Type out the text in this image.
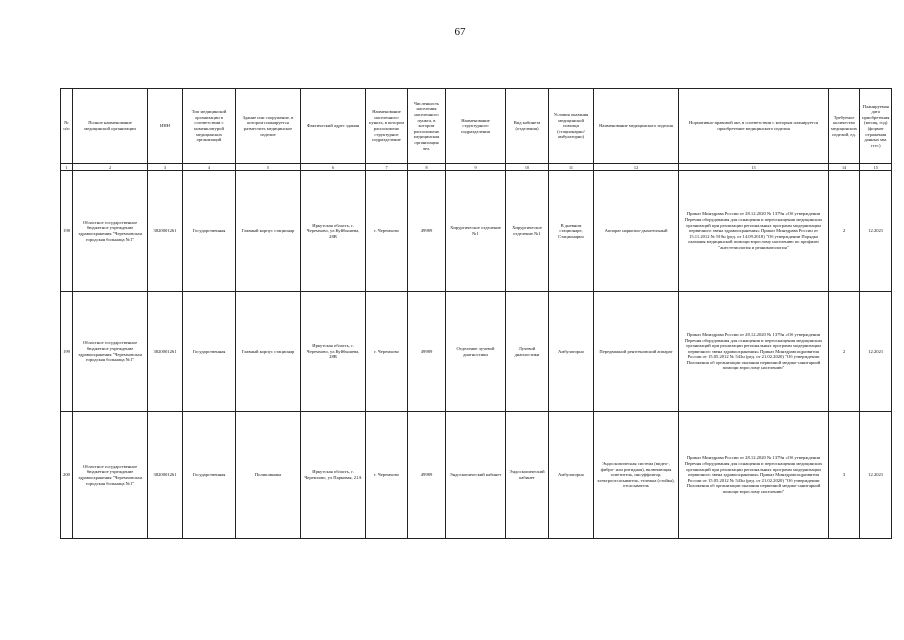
67
№ п/п	Полное наименование медицинской организации	ИНН	Тип медицинской организации в соответствии с номенклатурой медицинских организаций	Здание или сооружение, в котором планируется разместить медицинское изделие	Фактический адрес здания	Наименование населенного пункта, в котором расположено структурное подразделение	Численность населения населенного пункта, в котором расположено медицинская организация чел.	Наименование структурного подразделения	Вид кабинета (отделения)	Условия оказания медицинской помощи (стационарно/амбулаторно)	Наименование медицинского изделия	Нормативно-правовой акт, в соответствии с которым планируется приобретение медицинского изделия	Требуемое количество медицинских изделий, ед.	Планируемая дата приобретения (месяц, год) (формат отражения данных мм. гггг.)
1	2	3	4	5	6	7	8	9	10	11	12	13	14	15
198	Областное государственное бюджетное учреждение здравоохранения "Черемховская городская больница №1"	3820001261	Государственная	Главный корпус стационар	Иркутская область, г. Черемхово, ул.Куйбышева, 28В	г. Черемхово	49989	Хирургическое отделение №1	Хирургическое отделение №1	В дневном стационаре, Стационарно	Аппарат наркозно-дыхательный	Приказ Минздрава России от 28.12.2020 № 1379н «Об утверждении Перечня оборудования для оснащения и переоснащения медицинских организаций при реализации региональных программ модернизации первичного звена здравоохранения» Приказ Минздрава России от 15.11.2012 № 919н (ред. от 14.09.2018) "Об утверждении Порядка оказания медицинской помощи взрослому населению по профилю "анестезиология и реаниматология"	2	12.2021
199	Областное государственное бюджетное учреждение здравоохранения "Черемховская городская больница №1"	3820001261	Государственная	Главный корпус стационар	Иркутская область, г. Черемхово, ул.Куйбышева, 28В	г. Черемхово	49989	Отделение лучевой диагностики	Лучевой диагностики	Амбулаторно	Передвижной рентгеновский аппарат	Приказ Минздрава России от 28.12.2020 № 1379н «Об утверждении Перечня оборудования для оснащения и переоснащения медицинских организаций при реализации региональных программ модернизации первичного звена здравоохранения» Приказ Минздравсоцразвития России от 15.05.2012 № 543н (ред. от 21.02.2020) "Об утверждении Положения об организации оказания первичной медико-санитарной помощи взрослому населению"	2	12.2021
200	Областное государственное бюджетное учреждение здравоохранения "Черемховская городская больница №1"	3820001261	Государственная	Поликлиника	Иркутская область, г. Черемхово, ул Парковая, 21А	г. Черемхово	49989	Эндоскопический кабинет	Эндоскопический кабинет	Амбулаторно	Эндоскопическая система (видео-, фибро- или ригидная), включающая осветитель, инсуффлятор, электроотсасыватель, тележка (стойка), отсасыватель	Приказ Минздрава России от 28.12.2020 № 1379н «Об утверждении Перечня оборудования для оснащения и переоснащения медицинских организаций при реализации региональных программ модернизации первичного звена здравоохранения» Приказ Минздравсоцразвития России от 15.05.2012 № 543н (ред. от 21.02.2020) "Об утверждении Положения об организации оказания первичной медико-санитарной помощи взрослому населению"	3	12.2021
